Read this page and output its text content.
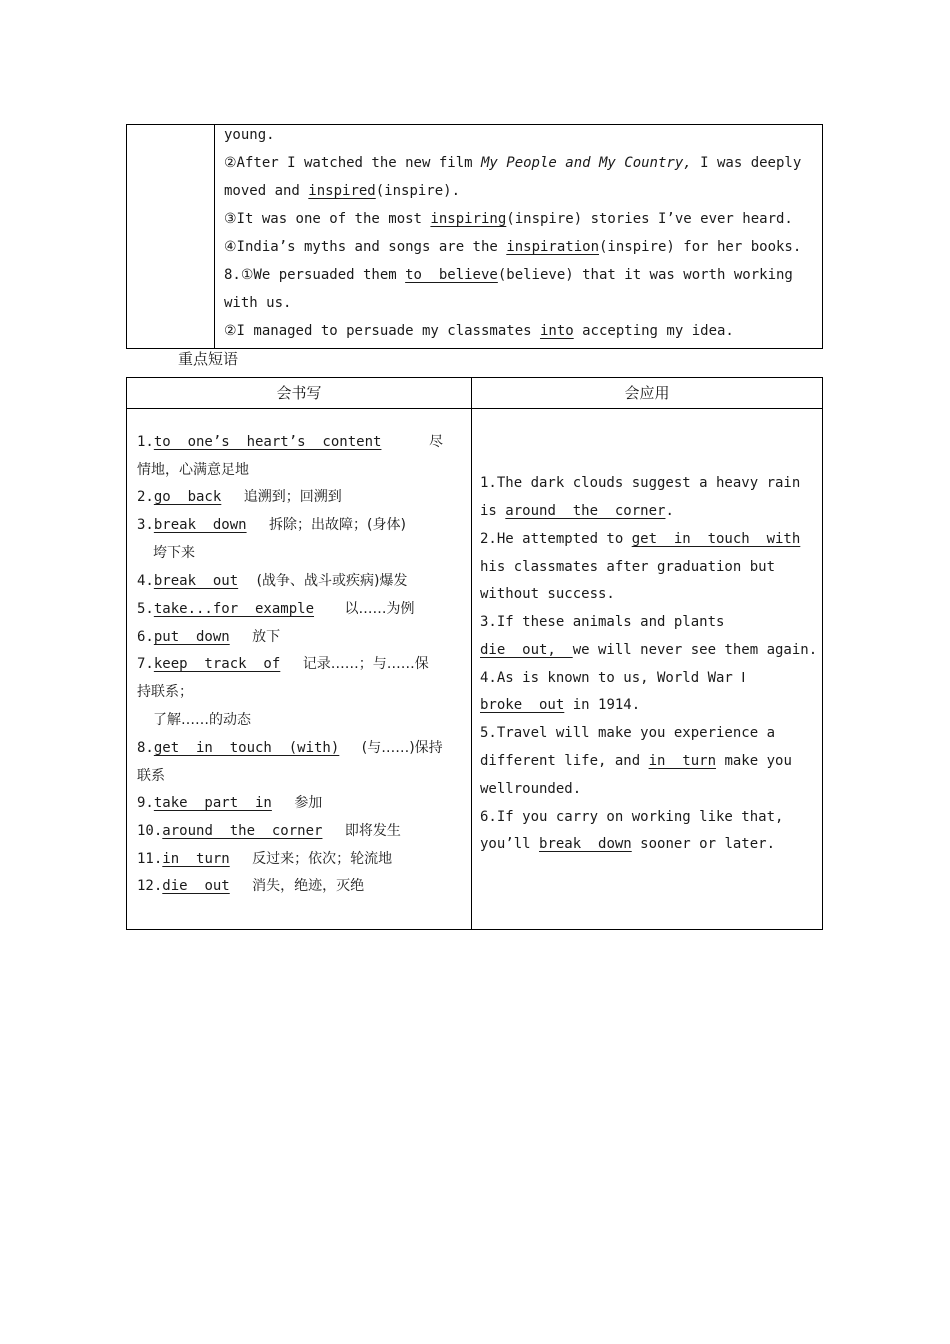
young.
②After I watched the new film My People and My Country, I was deeply
moved and inspired(inspire).
③It was one of the most inspiring(inspire) stories I’ve ever heard.
④India’s myths and songs are the inspiration(inspire) for her books.
8.①We persuaded them to  believe(believe) that it was worth working
with us.
②I managed to persuade my classmates into accepting my idea.
重点短语
会书写	会应用
1.to  one’s  heart’s  content	尽
情地，心满意足地
2.go  back 追溯到；回溯到
3.break  down 拆除；出故障；(身体)
垮下来
4.break  out (战争、战斗或疾病)爆发
5.take...for  example 以……为例
6.put  down 放下
7.keep  track  of 记录……；与……保
持联系；
了解……的动态
8.get  in  touch  (with) (与……)保持
联系
9.take  part  in 参加
10.around  the  corner 即将发生
11.in  turn 反过来；依次；轮流地
12.die  out 消失，绝迹，灭绝
1.The dark clouds suggest a heavy rain
is around  the  corner.
2.He attempted to get  in  touch  with
his classmates after graduation but
without success.
3.If these animals and plants
die  out,  we will never see them again.
4.As is known to us, World War Ⅰ
broke  out in 1914.
5.Travel will make you experience a
different life, and in  turn make you
wellrounded.
6.If you carry on working like that,
you’ll break  down sooner or later.
